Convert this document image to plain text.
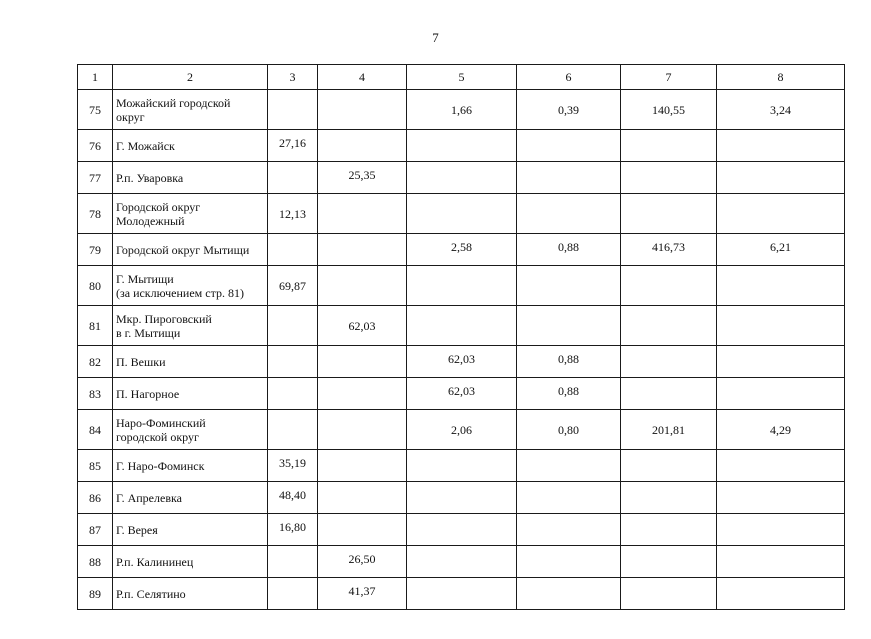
7
1	2	3	4	5	6	7	8
75	Можайский городской
округ			1,66	0,39	140,55	3,24
76	Г. Можайск	27,16					
77	Р.п. Уваровка		25,35				
78	Городской округ
Молодежный	12,13					
79	Городской округ Мытищи			2,58	0,88	416,73	6,21
80	Г. Мытищи
(за исключением стр. 81)	69,87					
81	Мкр. Пироговский
в г. Мытищи		62,03				
82	П. Вешки			62,03	0,88		
83	П. Нагорное			62,03	0,88		
84	Наро-Фоминский
городской округ			2,06	0,80	201,81	4,29
85	Г. Наро-Фоминск	35,19					
86	Г. Апрелевка	48,40					
87	Г. Верея	16,80					
88	Р.п. Калининец		26,50				
89	Р.п. Селятино		41,37				
